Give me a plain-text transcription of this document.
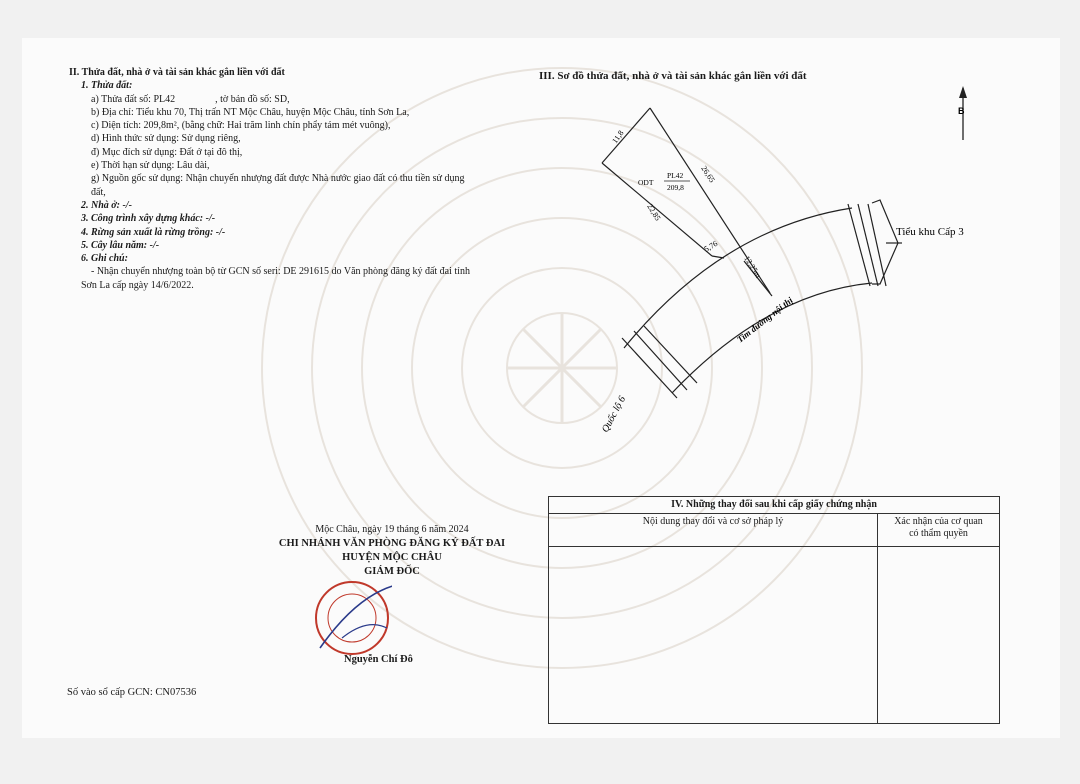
II. Thửa đất, nhà ở và tài sản khác gắn liền với đất
1. Thửa đất:
a) Thửa đất số: PL42	, tờ bản đồ số: SD,
b) Địa chỉ: Tiểu khu 70, Thị trấn NT Mộc Châu, huyện Mộc Châu, tỉnh Sơn La,
c) Diện tích: 209,8m², (bằng chữ: Hai trăm linh chín phẩy tám mét vuông),
d) Hình thức sử dụng: Sử dụng riêng,
đ) Mục đích sử dụng: Đất ở tại đô thị,
e) Thời hạn sử dụng: Lâu dài,
g) Nguồn gốc sử dụng: Nhận chuyển nhượng đất được Nhà nước giao đất có thu tiền sử dụng
đất,
2. Nhà ở: -/-
3. Công trình xây dựng khác: -/-
4. Rừng sản xuất là rừng trồng: -/-
5. Cây lâu năm: -/-
6. Ghi chú:
- Nhận chuyển nhượng toàn bộ từ GCN số seri: DE 291615 do Văn phòng đăng ký đất đai tỉnh
Sơn La cấp ngày 14/6/2022.
III. Sơ đồ thửa đất, nhà ở và tài sản khác gắn liền với đất
ODT
PL42
209,8
11,8
26,65
22,85
5,76
12,25m
Tim đường nội thị
Quốc lộ 6
Tiểu khu Cấp 3
B
Mộc Châu, ngày 19 tháng 6 năm 2024
CHI NHÁNH VĂN PHÒNG ĐĂNG KÝ ĐẤT ĐAI
HUYỆN MỘC CHÂU
GIÁM ĐỐC
Nguyễn Chí Đô
IV. Những thay đổi sau khi cấp giấy chứng nhận	
Nội dung thay đổi và cơ sở pháp lý	Xác nhận của cơ quan
có thẩm quyền

Số vào sổ cấp GCN: CN07536
